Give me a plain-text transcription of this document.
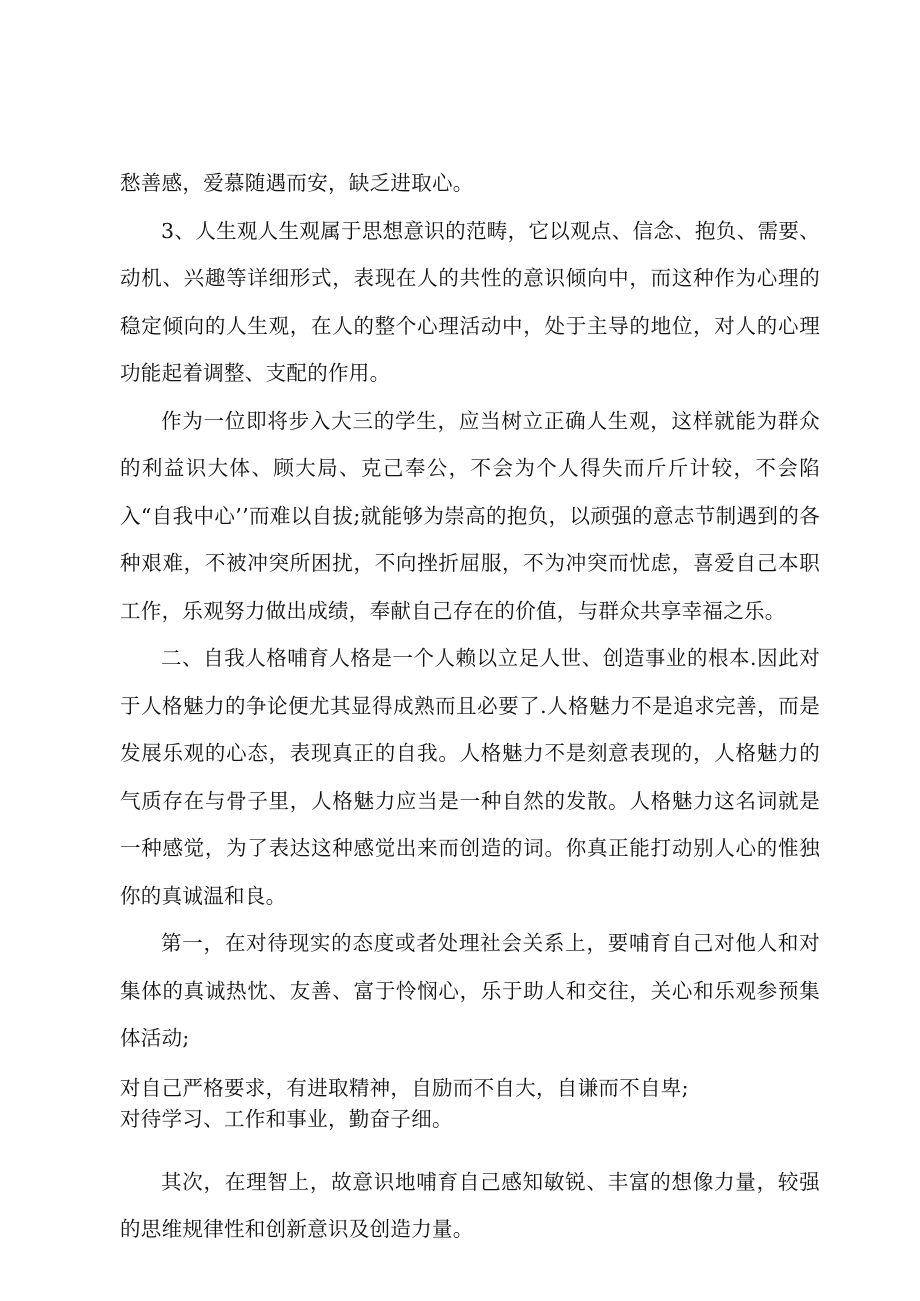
愁善感，爱慕随遇而安，缺乏进取心。

3、人生观人生观属于思想意识的范畴，它以观点、信念、抱负、需要、动机、兴趣等详细形式，表现在人的共性的意识倾向中，而这种作为心理的稳定倾向的人生观，在人的整个心理活动中，处于主导的地位，对人的心理功能起着调整、支配的作用。

作为一位即将步入大三的学生，应当树立正确人生观，这样就能为群众的利益识大体、顾大局、克己奉公，不会为个人得失而斤斤计较，不会陷入“自我中心’’而难以自拔;就能够为崇高的抱负，以顽强的意志节制遇到的各种艰难，不被冲突所困扰，不向挫折屈服，不为冲突而忧虑，喜爱自己本职工作，乐观努力做出成绩，奉献自己存在的价值，与群众共享幸福之乐。

二、自我人格哺育人格是一个人赖以立足人世、创造事业的根本.因此对于人格魅力的争论便尤其显得成熟而且必要了.人格魅力不是追求完善，而是发展乐观的心态，表现真正的自我。人格魅力不是刻意表现的，人格魅力的气质存在与骨子里，人格魅力应当是一种自然的发散。人格魅力这名词就是一种感觉，为了表达这种感觉出来而创造的词。你真正能打动别人心的惟独你的真诚温和良。

第一，在对待现实的态度或者处理社会关系上，要哺育自己对他人和对集体的真诚热忱、友善、富于怜悯心，乐于助人和交往，关心和乐观参预集体活动;

对自己严格要求，有进取精神，自励而不自大，自谦而不自卑;

对待学习、工作和事业，勤奋子细。

其次，在理智上，故意识地哺育自己感知敏锐、丰富的想像力量，较强的思维规律性和创新意识及创造力量。
